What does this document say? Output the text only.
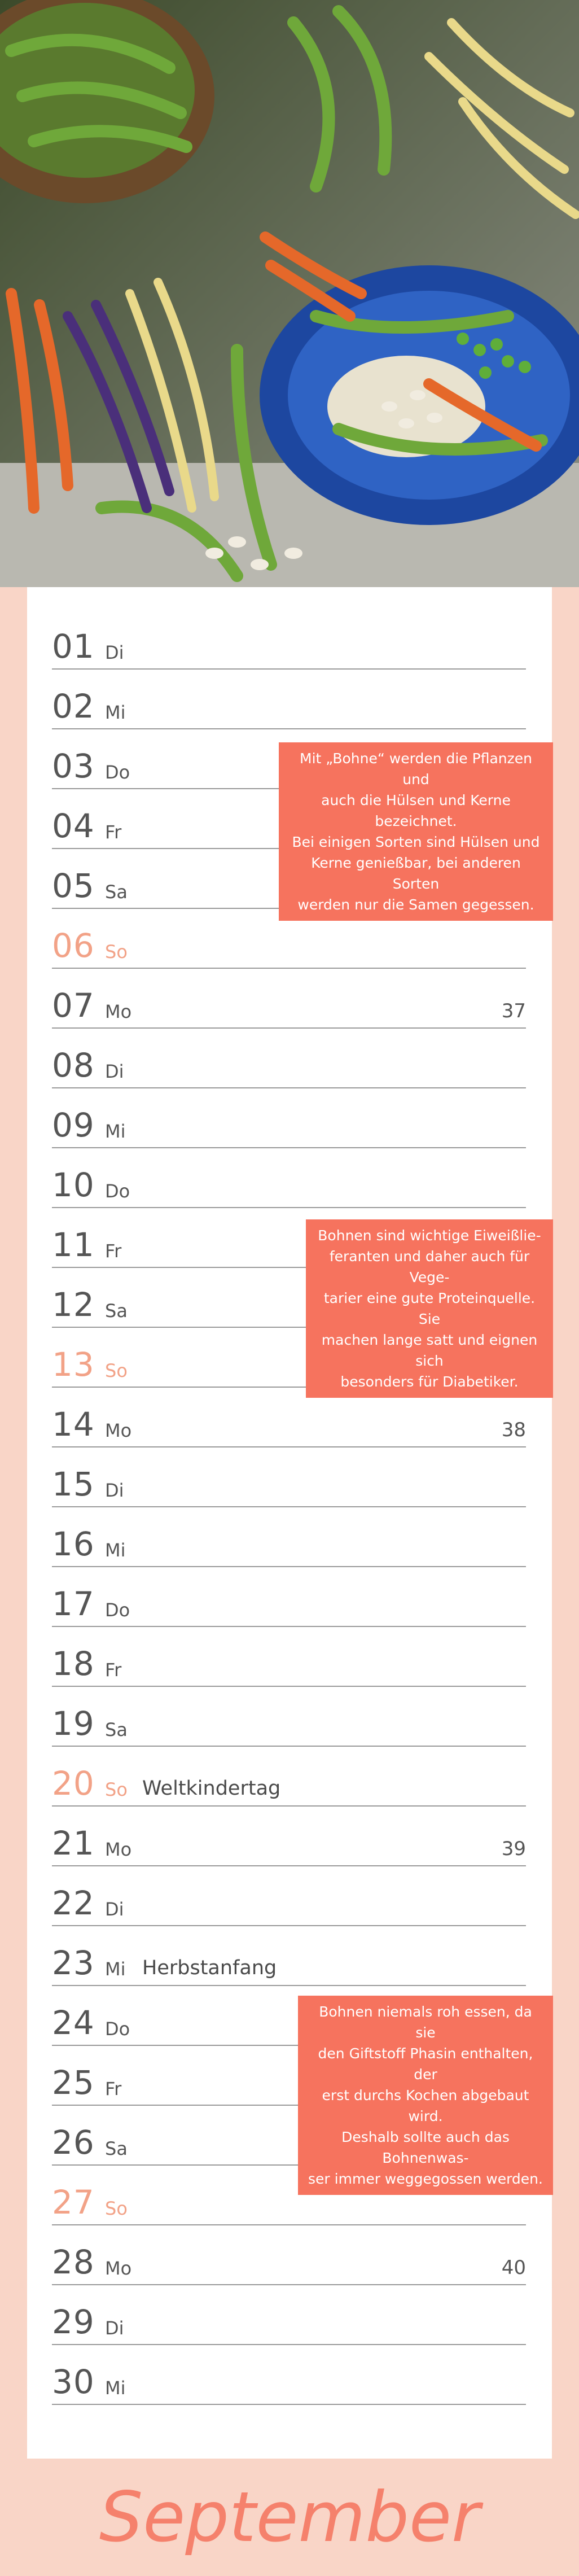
01 Di
02 Mi
03 Do
04 Fr
05 Sa
06 So
07 Mo	37
08 Di
09 Mi
10 Do
11 Fr
12 Sa
13 So
14 Mo	38
15 Di
16 Mi
17 Do
18 Fr
19 Sa
20 So Weltkindertag
21 Mo	39
22 Di
23 Mi Herbstanfang
24 Do
25 Fr
26 Sa
27 So
28 Mo	40
29 Di
30 Mi
Mit „Bohne“ werden die Pflanzen und
auch die Hülsen und Kerne bezeichnet.
Bei einigen Sorten sind Hülsen und
Kerne genießbar, bei anderen Sorten
werden nur die Samen gegessen.
Bohnen sind wichtige Eiweißlie-
feranten und daher auch für Vege-
tarier eine gute Proteinquelle. Sie
machen lange satt und eignen sich
besonders für Diabetiker.
Bohnen niemals roh essen, da sie
den Giftstoff Phasin enthalten, der
erst durchs Kochen abgebaut wird.
Deshalb sollte auch das Bohnenwas-
ser immer weggegossen werden.
September
